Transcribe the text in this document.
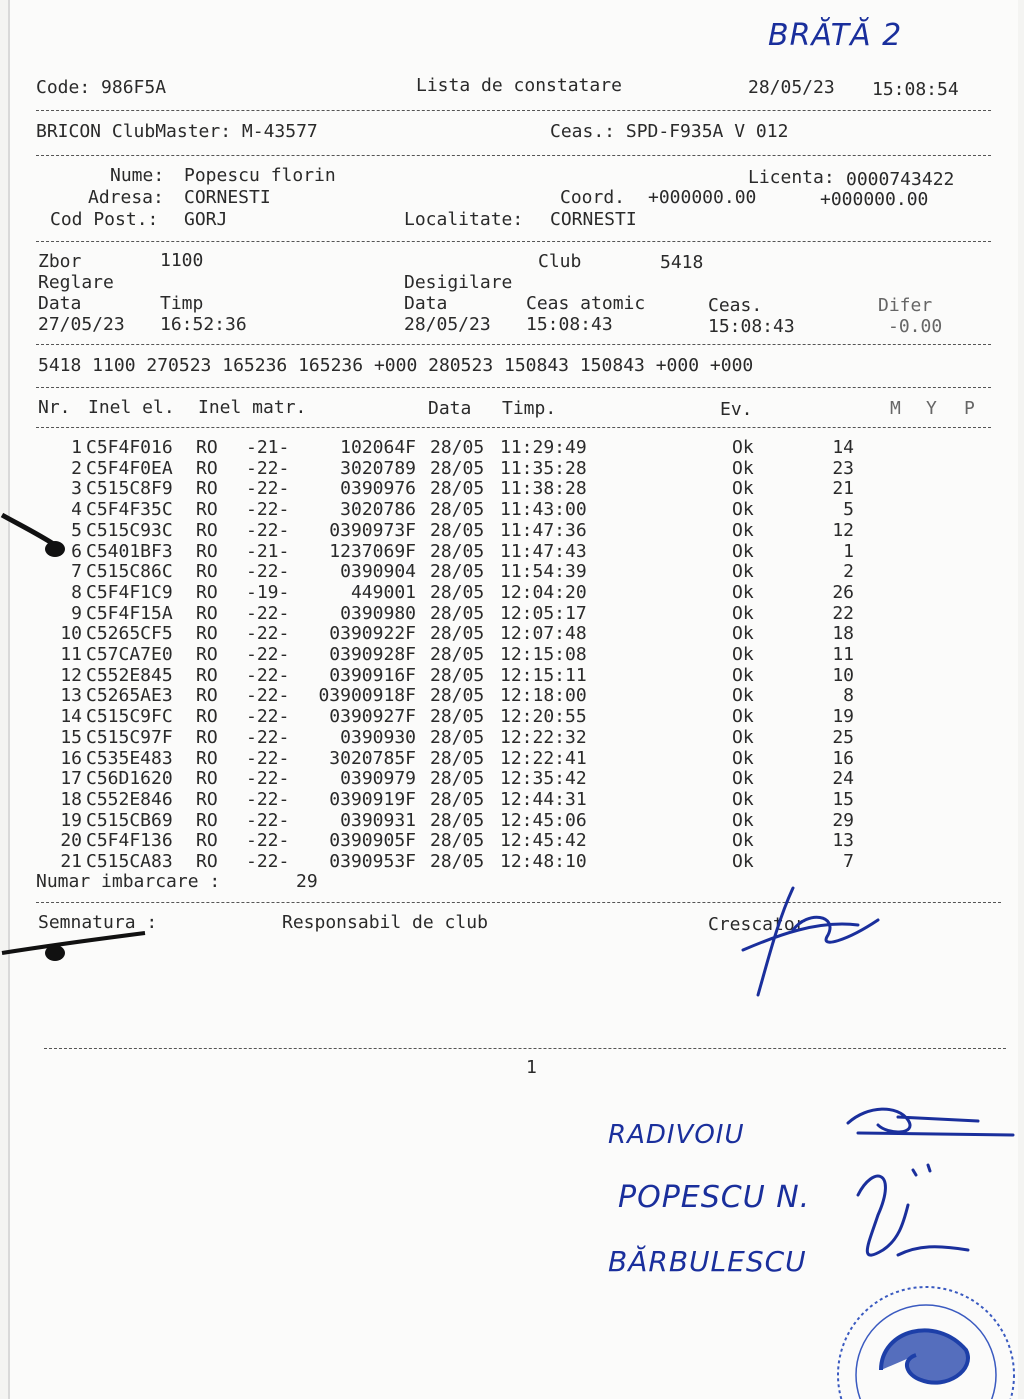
BRĂTĂ 2
Code: 986F5A	Lista de constatare	28/05/23 15:08:54
BRICON ClubMaster: M-43577	Ceas.: SPD-F935A V 012
Nume: Popescu florin	Licenta: 0000743422
Adresa: CORNESTI	Coord. +000000.00	+000000.00
Cod Post.: GORJ	Localitate: CORNESTI
Zbor	1100	Club	5418
Reglare	Desigilare
Data	Timp	Data	Ceas atomic	Ceas.	Difer
27/05/23 16:52:36	28/05/23 15:08:43	15:08:43	-0.00
5418 1100 270523 165236 165236 +000 280523 150843 150843 +000 +000
Nr. Inel el. Inel matr.	Data Timp.	Ev.	M Y P
1 C5F4F016 RO -21-	102064F 28/05 11:29:49	Ok	14
2 C5F4F0EA RO -22-	3020789 28/05 11:35:28	Ok	23
3 C515C8F9 RO -22-	0390976 28/05 11:38:28	Ok	21
4 C5F4F35C RO -22-	3020786 28/05 11:43:00	Ok	5
5 C515C93C RO -22-	0390973F 28/05 11:47:36	Ok	12
6 C5401BF3 RO -21-	1237069F 28/05 11:47:43	Ok	1
7 C515C86C RO -22-	0390904 28/05 11:54:39	Ok	2
8 C5F4F1C9 RO -19-	449001 28/05 12:04:20	Ok	26
9 C5F4F15A RO -22-	0390980 28/05 12:05:17	Ok	22
10 C5265CF5 RO -22-	0390922F 28/05 12:07:48	Ok	18
11 C57CA7E0 RO -22-	0390928F 28/05 12:15:08	Ok	11
12 C552E845 RO -22-	0390916F 28/05 12:15:11	Ok	10
13 C5265AE3 RO -22-	03900918F 28/05 12:18:00	Ok	8
14 C515C9FC RO -22-	0390927F 28/05 12:20:55	Ok	19
15 C515C97F RO -22-	0390930 28/05 12:22:32	Ok	25
16 C535E483 RO -22-	3020785F 28/05 12:22:41	Ok	16
17 C56D1620 RO -22-	0390979 28/05 12:35:42	Ok	24
18 C552E846 RO -22-	0390919F 28/05 12:44:31	Ok	15
19 C515CB69 RO -22-	0390931 28/05 12:45:06	Ok	29
20 C5F4F136 RO -22-	0390905F 28/05 12:45:42	Ok	13
21 C515CA83 RO -22-	0390953F 28/05 12:48:10	Ok	7
Numar imbarcare :	29
Semnatura :	Responsabil de club	Crescator
1
RADIVOIU
POPESCU N.
BĂRBULESCU
